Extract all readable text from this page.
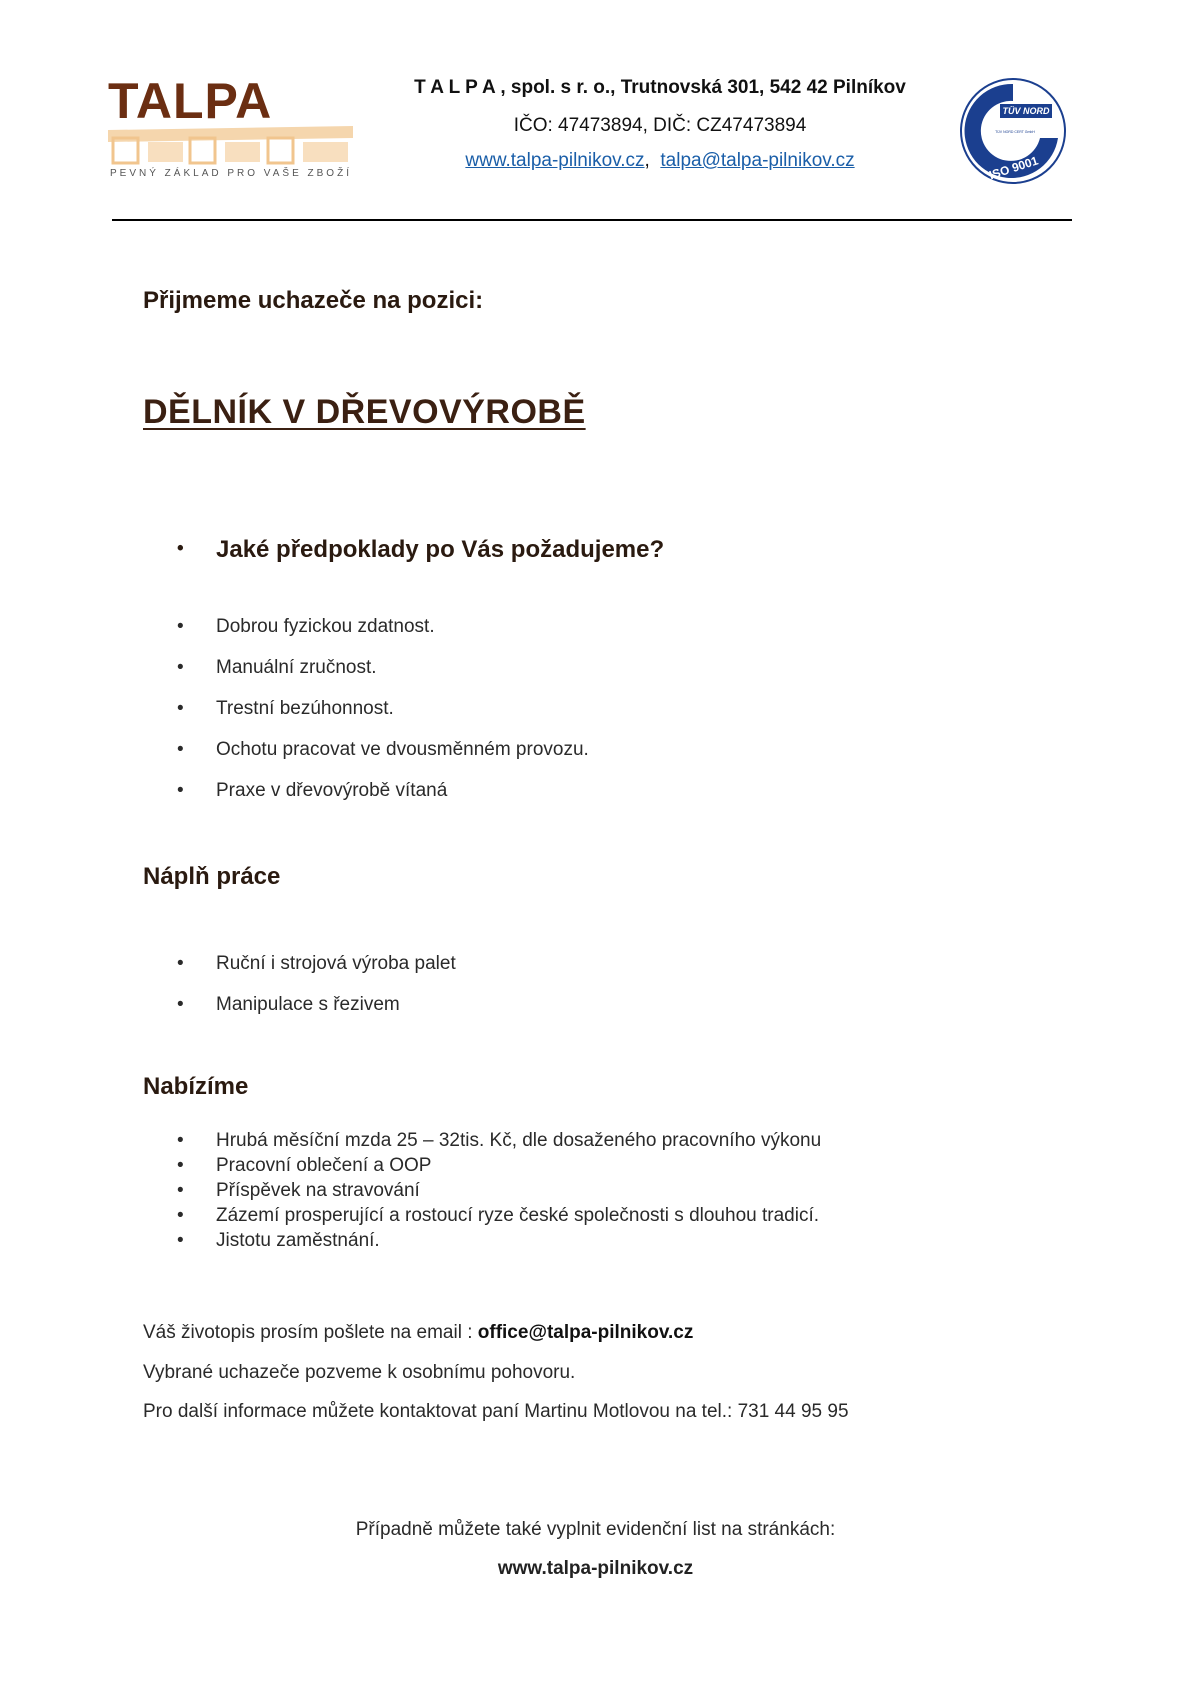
TALPA
PEVNÝ ZÁKLAD PRO VAŠE ZBOŽÍ
T A L P A , spol. s r. o., Trutnovská 301, 542 42 Pilníkov
IČO: 47473894, DIČ: CZ47473894
www.talpa-pilnikov.cz, talpa@talpa-pilnikov.cz
TÜV NORD
TÜV NORD CERT GmbH
ISO 9001
Přijmeme uchazeče na pozici:
DĚLNÍK V DŘEVOVÝROBĚ
• Jaké předpoklady po Vás požadujeme?
• Dobrou fyzickou zdatnost.
• Manuální zručnost.
• Trestní bezúhonnost.
• Ochotu pracovat ve dvousměnném provozu.
• Praxe v dřevovýrobě vítaná
Náplň práce
• Ruční i strojová výroba palet
• Manipulace s řezivem
Nabízíme
• Hrubá měsíční mzda 25 – 32tis. Kč, dle dosaženého pracovního výkonu
• Pracovní oblečení a OOP
• Příspěvek na stravování
• Zázemí prosperující a rostoucí ryze české společnosti s dlouhou tradicí.
• Jistotu zaměstnání.
Váš životopis prosím pošlete na email : office@talpa-pilnikov.cz
Vybrané uchazeče pozveme k osobnímu pohovoru.
Pro další informace můžete kontaktovat paní Martinu Motlovou na tel.: 731 44 95 95
Případně můžete také vyplnit evidenční list na stránkách:
www.talpa-pilnikov.cz
